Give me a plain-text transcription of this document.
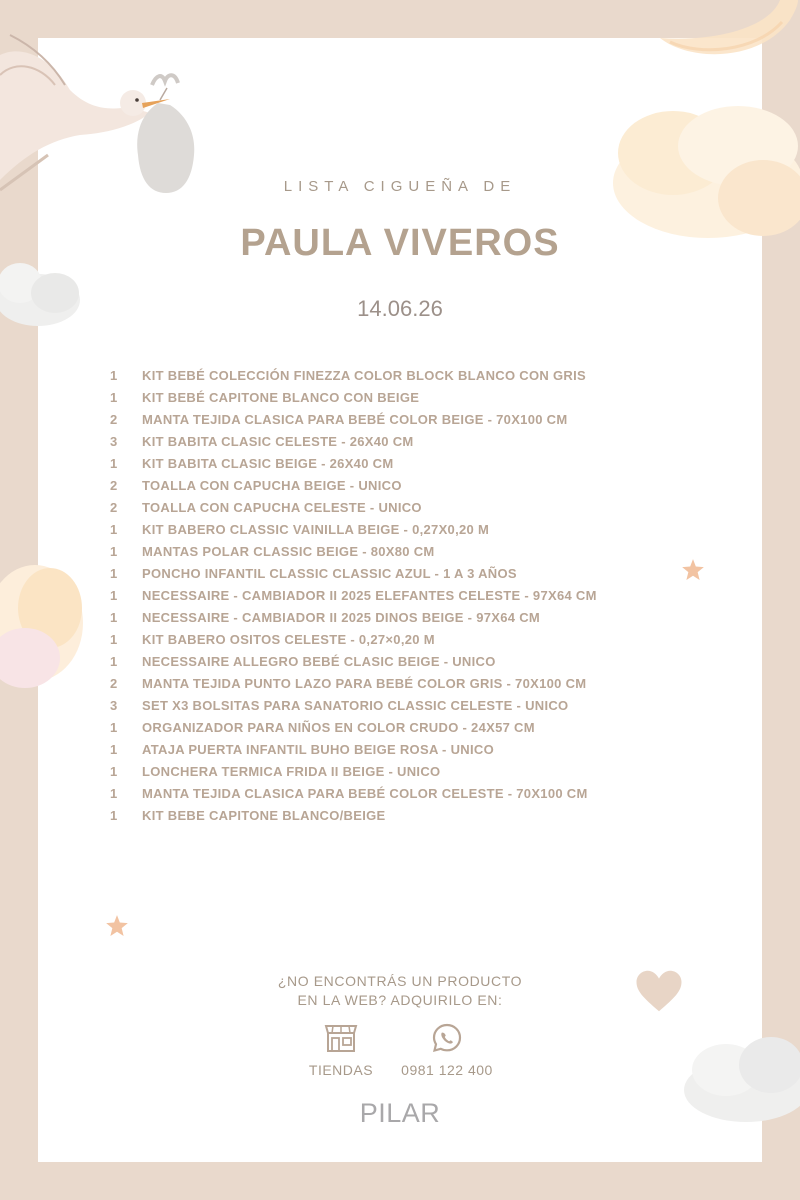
LISTA CIGUEÑA DE
PAULA VIVEROS
14.06.26
1	KIT BEBÉ COLECCIÓN FINEZZA COLOR BLOCK BLANCO CON GRIS
1	KIT BEBÉ CAPITONE BLANCO CON BEIGE
2	MANTA TEJIDA CLASICA PARA BEBÉ COLOR BEIGE - 70X100 CM
3	KIT BABITA CLASIC CELESTE - 26X40 CM
1	KIT BABITA CLASIC BEIGE - 26X40 CM
2	TOALLA CON CAPUCHA BEIGE - UNICO
2	TOALLA CON CAPUCHA CELESTE - UNICO
1	KIT BABERO CLASSIC VAINILLA BEIGE - 0,27X0,20 M
1	MANTAS POLAR CLASSIC BEIGE - 80X80 CM
1	PONCHO INFANTIL CLASSIC CLASSIC AZUL - 1 A 3 AÑOS
1	NECESSAIRE - CAMBIADOR II 2025 ELEFANTES CELESTE - 97X64 CM
1	NECESSAIRE - CAMBIADOR II 2025 DINOS BEIGE - 97X64 CM
1	KIT BABERO OSITOS CELESTE - 0,27×0,20 M
1	NECESSAIRE ALLEGRO BEBÉ CLASIC BEIGE - UNICO
2	MANTA TEJIDA PUNTO LAZO PARA BEBÉ COLOR GRIS - 70X100 CM
3	SET X3 BOLSITAS PARA SANATORIO CLASSIC CELESTE - UNICO
1	ORGANIZADOR PARA NIÑOS EN COLOR CRUDO - 24X57 CM
1	ATAJA PUERTA INFANTIL BUHO BEIGE ROSA - UNICO
1	LONCHERA TERMICA FRIDA II BEIGE - UNICO
1	MANTA TEJIDA CLASICA PARA BEBÉ COLOR CELESTE - 70X100 CM
1	KIT BEBE CAPITONE BLANCO/BEIGE
¿NO ENCONTRÁS UN PRODUCTO
EN LA WEB? ADQUIRILO EN:
TIENDAS	0981 122 400
PILAR
